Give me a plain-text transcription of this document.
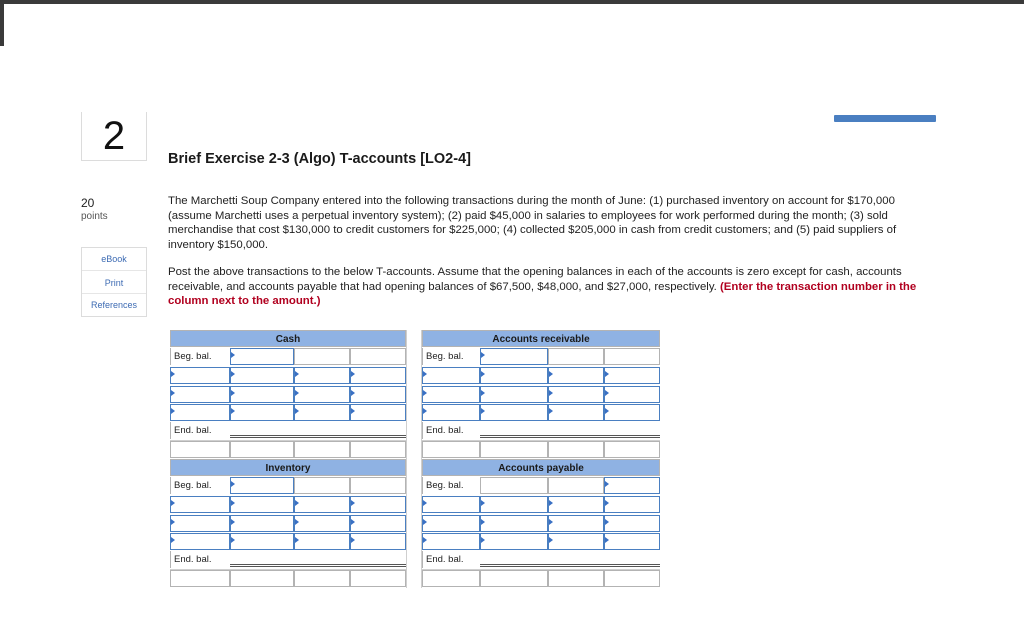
2
20
points
eBook
Print
References
Brief Exercise 2-3 (Algo) T-accounts [LO2-4]

The Marchetti Soup Company entered into the following transactions during the month of June: (1) purchased inventory on account for $170,000 (assume Marchetti uses a perpetual inventory system); (2) paid $45,000 in salaries to employees for work performed during the month; (3) sold merchandise that cost $130,000 to credit customers for $225,000; (4) collected $205,000 in cash from credit customers; and (5) paid suppliers of inventory $150,000.

Post the above transactions to the below T-accounts. Assume that the opening balances in each of the accounts is zero except for cash, accounts receivable, and accounts payable that had opening balances of $67,500, $48,000, and $27,000, respectively. (Enter the transaction number in the column next to the amount.)

Cash	Accounts receivable
Beg. bal.
End. bal.
Beg. bal.
End. bal.
Inventory	Accounts payable
Beg. bal.
End. bal.
Beg. bal.
End. bal.
